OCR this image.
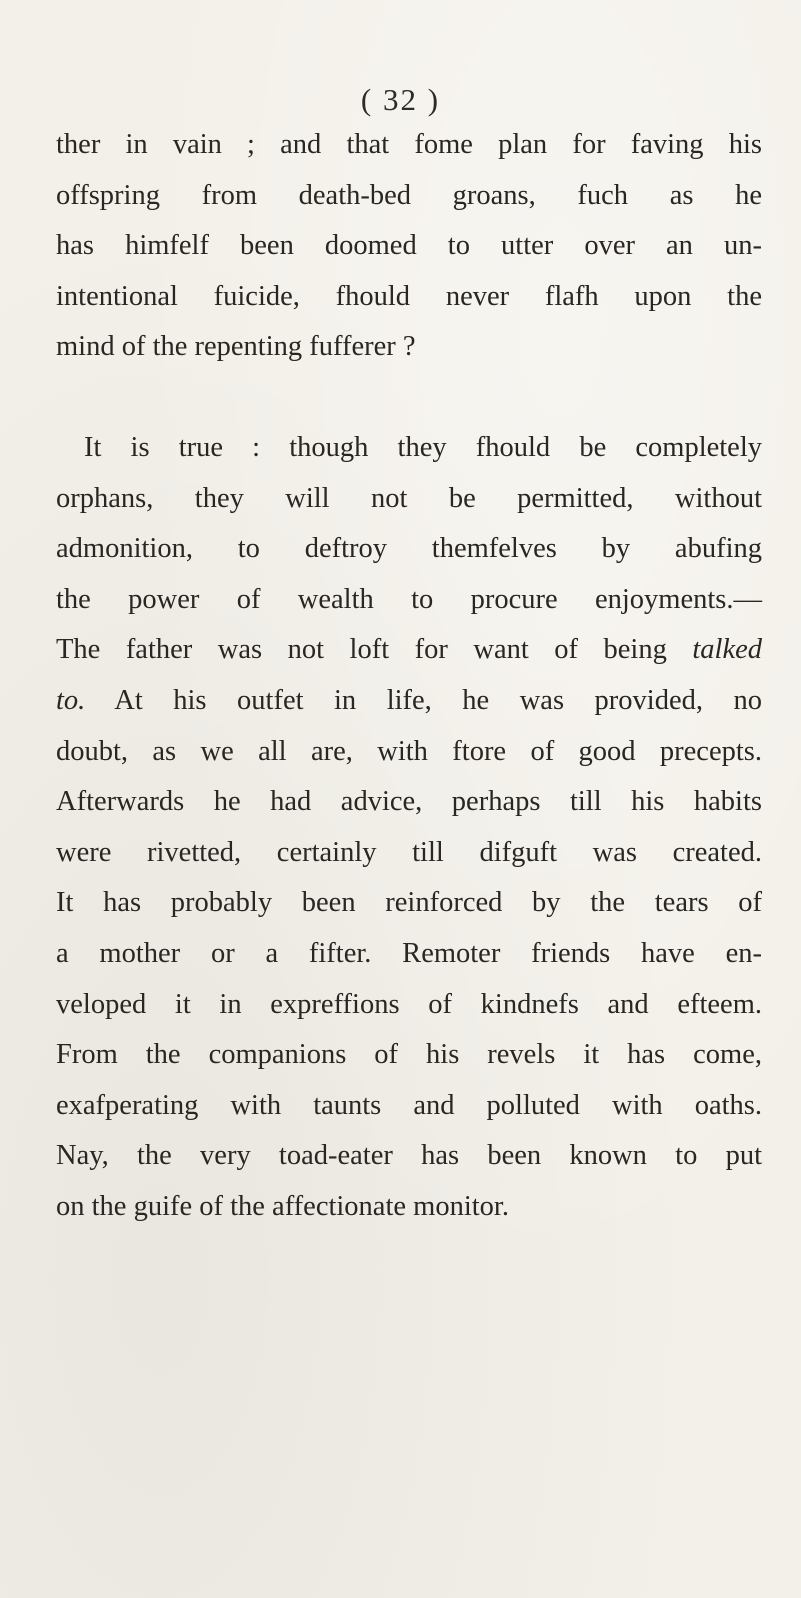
( 32 )

ther in vain ; and that fome plan for faving his
offspring from death-bed groans, fuch as he
has himfelf been doomed to utter over an un-
intentional fuicide, fhould never flafh upon the
mind of the repenting fufferer ?

It is true : though they fhould be completely
orphans, they will not be permitted, without
admonition, to deftroy themfelves by abufing
the power of wealth to procure enjoyments.—
The father was not loft for want of being talked
to. At his outfet in life, he was provided, no
doubt, as we all are, with ftore of good precepts.
Afterwards he had advice, perhaps till his habits
were rivetted, certainly till difguft was created.
It has probably been reinforced by the tears of
a mother or a fifter. Remoter friends have en-
veloped it in expreffions of kindnefs and efteem.
From the companions of his revels it has come,
exafperating with taunts and polluted with oaths.
Nay, the very toad-eater has been known to put
on the guife of the affectionate monitor.
